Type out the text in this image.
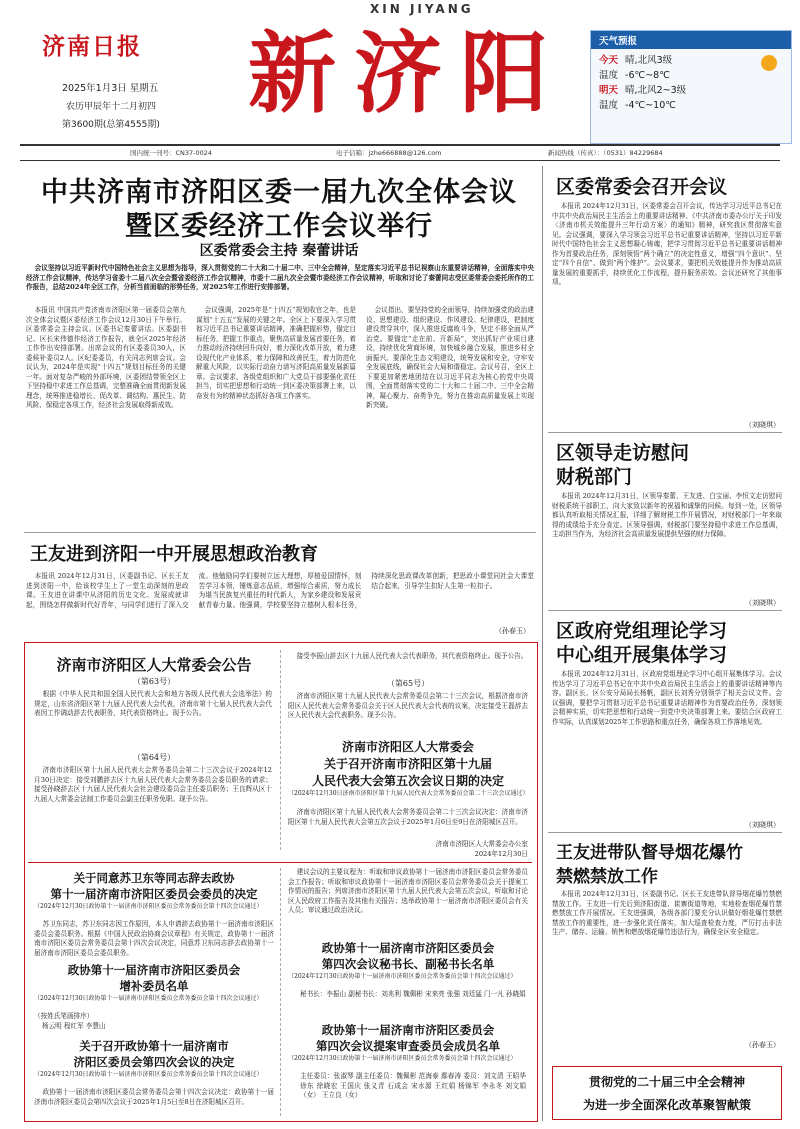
济南日报
XIN JIYANG
新济阳
2025年1月3日 星期五
农历甲辰年十二月初四
第3600期(总第4555期)
天气预报
今天 晴,北风3级
温度 -6℃~8℃
明天 晴,北风2~3级
温度 -4℃~10℃
国内统一刊号：CN37-0024	电子信箱：jzhe666888@126.com	新闻热线（传真）：（0531）84229684
中共济南市济阳区委一届九次全体会议
暨区委经济工作会议举行
区委常委会主持 秦蕾讲话
会议坚持以习近平新时代中国特色社会主义思想为指导，深入贯彻党的二十大和二十届二中、三中全会精神，坚定落实习近平总书记视察山东重要讲话精神，全面落实中央经济工作会议精神，传达学习省委十二届八次全会暨省委经济工作会议精神，市委十二届九次全会暨市委经济工作会议精神，听取和讨论了秦蕾同志受区委常委会委托所作的工作报告，总结2024年全区工作，分析当前面临的形势任务，对2025年工作进行安排部署。
本报讯 中国共产党济南市济阳区第一届委员会第九次全体会议暨区委经济工作会议12月30日下午举行。区委常委会主持会议。区委书记秦蕾讲话。区委副书记、区长宋伟德作经济工作报告，就全区2025年经济工作作出安排部署。出席会议的有区委委员30人，区委候补委员2人。区纪委委员，有关同志列席会议。会议认为，2024年是实现“十四五”规划目标任务的关键一年。面对复杂严峻的外部环境，区委团结带领全区上下坚持稳中求进工作总基调，完整准确全面贯彻新发展理念，统筹推进稳增长、促改革、调结构、惠民生、防风险、保稳定各项工作，经济社会发展取得新成效。
会议强调，2025年是“十四五”规划收官之年，也是谋划“十五五”发展的关键之年。全区上下要深入学习贯彻习近平总书记重要讲话精神，准确把握形势，锚定目标任务，把握工作重点，聚焦高质量发展首要任务，着力推动经济持续回升向好，着力深化改革开放，着力建设现代化产业体系，着力保障和改善民生，着力防范化解重大风险，以实际行动奋力谱写济阳高质量发展新篇章。会议要求，各级党组织和广大党员干部要强化责任担当，切实把思想和行动统一到区委决策部署上来，以奋发有为的精神状态抓好各项工作落实。
会议指出，要坚持党的全面领导，持续加强党的政治建设、思想建设、组织建设、作风建设、纪律建设，把制度建设贯穿其中，深入推进反腐败斗争，坚定不移全面从严治党。要锚定“走在前、开新局”，突出抓好产业项目建设，持续优化营商环境，加快城乡融合发展，推进乡村全面振兴。要深化生态文明建设，统筹发展和安全，守牢安全发展底线，确保社会大局和谐稳定。会议号召，全区上下要更加紧密地团结在以习近平同志为核心的党中央周围，全面贯彻落实党的二十大和二十届二中、三中全会精神，凝心聚力、奋勇争先，努力在推动高质量发展上实现新突破。
王友进到济阳一中开展思想政治教育
本报讯 2024年12月31日，区委副书记、区长王友进到济阳一中，给该校学生上了一堂生动深刻的思政课。王友进在讲课中从济阳的历史文化、发展成就讲起，围绕怎样做新时代好青年，与同学们进行了深入交流。他勉励同学们要树立远大理想，厚植爱国情怀，刻苦学习本领，锤炼意志品质，增强综合素质，努力成长为堪当民族复兴重任的时代新人，为家乡建设和发展贡献青春力量。他强调，学校要坚持立德树人根本任务，持续深化思政课改革创新，把思政小课堂同社会大课堂结合起来，引导学生扣好人生第一粒扣子。
（孙春玉）
济南市济阳区人大常委会公告
（第63号）
根据《中华人民共和国全国人民代表大会和地方各级人民代表大会选举法》的规定，山东省济阳区第十九届人民代表大会代表，济南市第十七届人民代表大会代表因工作调动辞去代表职务，其代表资格终止。现予公告。
（第64号）
济南市济阳区第十九届人民代表大会常务委员会第二十三次会议于2024年12月30日决定：接受刘鹏辞去区十九届人民代表大会常务委员会委员职务的请求；接受孙晓辞去区十九届人民代表大会社会建设委员会主任委员职务；王良辉从区十九届人大常委会法制工作委员会副主任职务免职。现予公告。
接受李振山辞去区十九届人民代表大会代表职务，其代表资格终止。现予公告。
（第65号）
济南市济阳区第十九届人民代表大会常务委员会第二十三次会议，根据济南市济阳区人民代表大会常务委员会关于区人民代表大会代表的议案，决定接受王磊辞去区人民代表大会代表职务。现予公告。
济南市济阳区人大常委会
关于召开济南市济阳区第十九届
人民代表大会第五次会议日期的决定
（2024年12月30日济南市济阳区第十九届人民代表大会常务委员会第二十三次会议通过）
济南市济阳区第十九届人民代表大会常务委员会第二十三次会议决定：济南市济阳区第十九届人民代表大会第五次会议于2025年1月6日至9日在济阳城区召开。
济南市济阳区人大常委会办公室
2024年12月30日
关于同意苏卫东等同志辞去政协
第十一届济南市济阳区委员会委员的决定
（2024年12月30日政协第十一届济南市济阳区委员会常务委员会第十四次会议通过）
苏卫东同志，苏卫东同志因工作原因，本人申请辞去政协第十一届济南市济阳区委员会委员职务。根据《中国人民政治协商会议章程》有关规定，政协第十一届济南市济阳区委员会常务委员会第十四次会议决定，同意苏卫东同志辞去政协第十一届济南市济阳区委员会委员职务。
政协第十一届济南市济阳区委员会
增补委员名单
（2024年12月30日政协第十一届济南市济阳区委员会常务委员会第十四次会议通过）
（按姓氏笔画排序）
杨云明 程红军 李慧山
关于召开政协第十一届济南市
济阳区委员会第四次会议的决定
（2024年12月30日政协第十一届济南市济阳区委员会常务委员会第十四次会议通过）
政协第十一届济南市济阳区委员会常务委员会第十四次会议决定：政协第十一届济南市济阳区委员会第四次会议于2025年1月5日至8日在济阳城区召开。
建议会议的主要议程为：听取和审议政协第十一届济南市济阳区委员会常务委员会工作报告；听取和审议政协第十一届济南市济阳区委员会常务委员会关于提案工作情况的报告；列席济南市济阳区第十九届人民代表大会第五次会议，听取和讨论区人民政府工作报告及其他有关报告；选举政协第十一届济南市济阳区委员会有关人员；审议通过政治决议。
政协第十一届济南市济阳区委员会
第四次会议秘书长、副秘书长名单
（2024年12月30日政协第十一届济南市济阳区委员会常务委员会第十四次会议通过）
秘书长：李振山 副秘书长：刘兆利 魏佩彬 宋来亮 张强 刘廷猛 门一凡 孙晓娟
政协第十一届济南市济阳区委员会
第四次会议提案审查委员会成员名单
（2024年12月30日政协第十一届济南市济阳区委员会常务委员会第十四次会议通过）
主任委员：张淑琴 副主任委员：魏佩彬 范海泰 鄢春涛 委员：刘文清 王昭华 徐东 徐晓宏 王国庆 张义青 石成会 宋水源 王红娟 杨锦军 李永冬 刘文娟（女） 王立良（女）
区委常委会召开会议
本报讯 2024年12月31日，区委常委会召开会议，传达学习习近平总书记在中共中央政治局民主生活会上的重要讲话精神、《中共济南市委办公厅关于印发〈济南市机关效能提升三年行动方案〉的通知》精神，研究我区贯彻落实意见。会议强调，要深入学习领会习近平总书记重要讲话精神，坚持以习近平新时代中国特色社会主义思想凝心铸魂，把学习贯彻习近平总书记重要讲话精神作为首要政治任务，深刻领悟“两个确立”的决定性意义，增强“四个意识”、坚定“四个自信”、做到“两个维护”。会议要求，要把机关效能提升作为推动高质量发展的重要抓手，持续优化工作流程，提升服务质效。会议还研究了其他事项。
（刘晓琪）
区领导走访慰问
财税部门
本报讯 2024年12月31日，区领导秦蕾、王友进、白宝丽、李恒文走访慰问财税系统干部职工，向大家致以新年的祝福和诚挚的问候。每到一处，区领导都认真听取相关情况汇报，详细了解财税工作开展情况，对财税部门一年来取得的成绩给予充分肯定。区领导强调，财税部门要坚持稳中求进工作总基调，主动担当作为，为经济社会高质量发展提供坚强的财力保障。
（刘晓琪）
区政府党组理论学习
中心组开展集体学习
本报讯 2024年12月31日，区政府党组理论学习中心组开展集体学习。会议传达学习了习近平总书记在中共中央政治局民主生活会上的重要讲话精神等内容。副区长、区公安分局局长杨帆，副区长刘秀分别领学了相关会议文件。会议强调，要把学习贯彻习近平总书记重要讲话精神作为首要政治任务，深刻领会精神实质，切实把思想和行动统一到党中央决策部署上来。要结合区政府工作实际，认真谋划2025年工作思路和重点任务，确保各项工作落地见效。
（刘晓琪）
王友进带队督导烟花爆竹
禁燃禁放工作
本报讯 2024年12月31日，区委副书记、区长王友进带队督导烟花爆竹禁燃禁放工作。王友进一行先后到济阳街道、崔寨街道等地，实地检查烟花爆竹禁燃禁放工作开展情况。王友进强调，各级各部门要充分认识做好烟花爆竹禁燃禁放工作的重要性，进一步强化责任落实，加大巡查检查力度，严厉打击非法生产、储存、运输、销售和燃放烟花爆竹违法行为，确保全区安全稳定。
（孙春玉）
贯彻党的二十届三中全会精神
为进一步全面深化改革聚智献策
